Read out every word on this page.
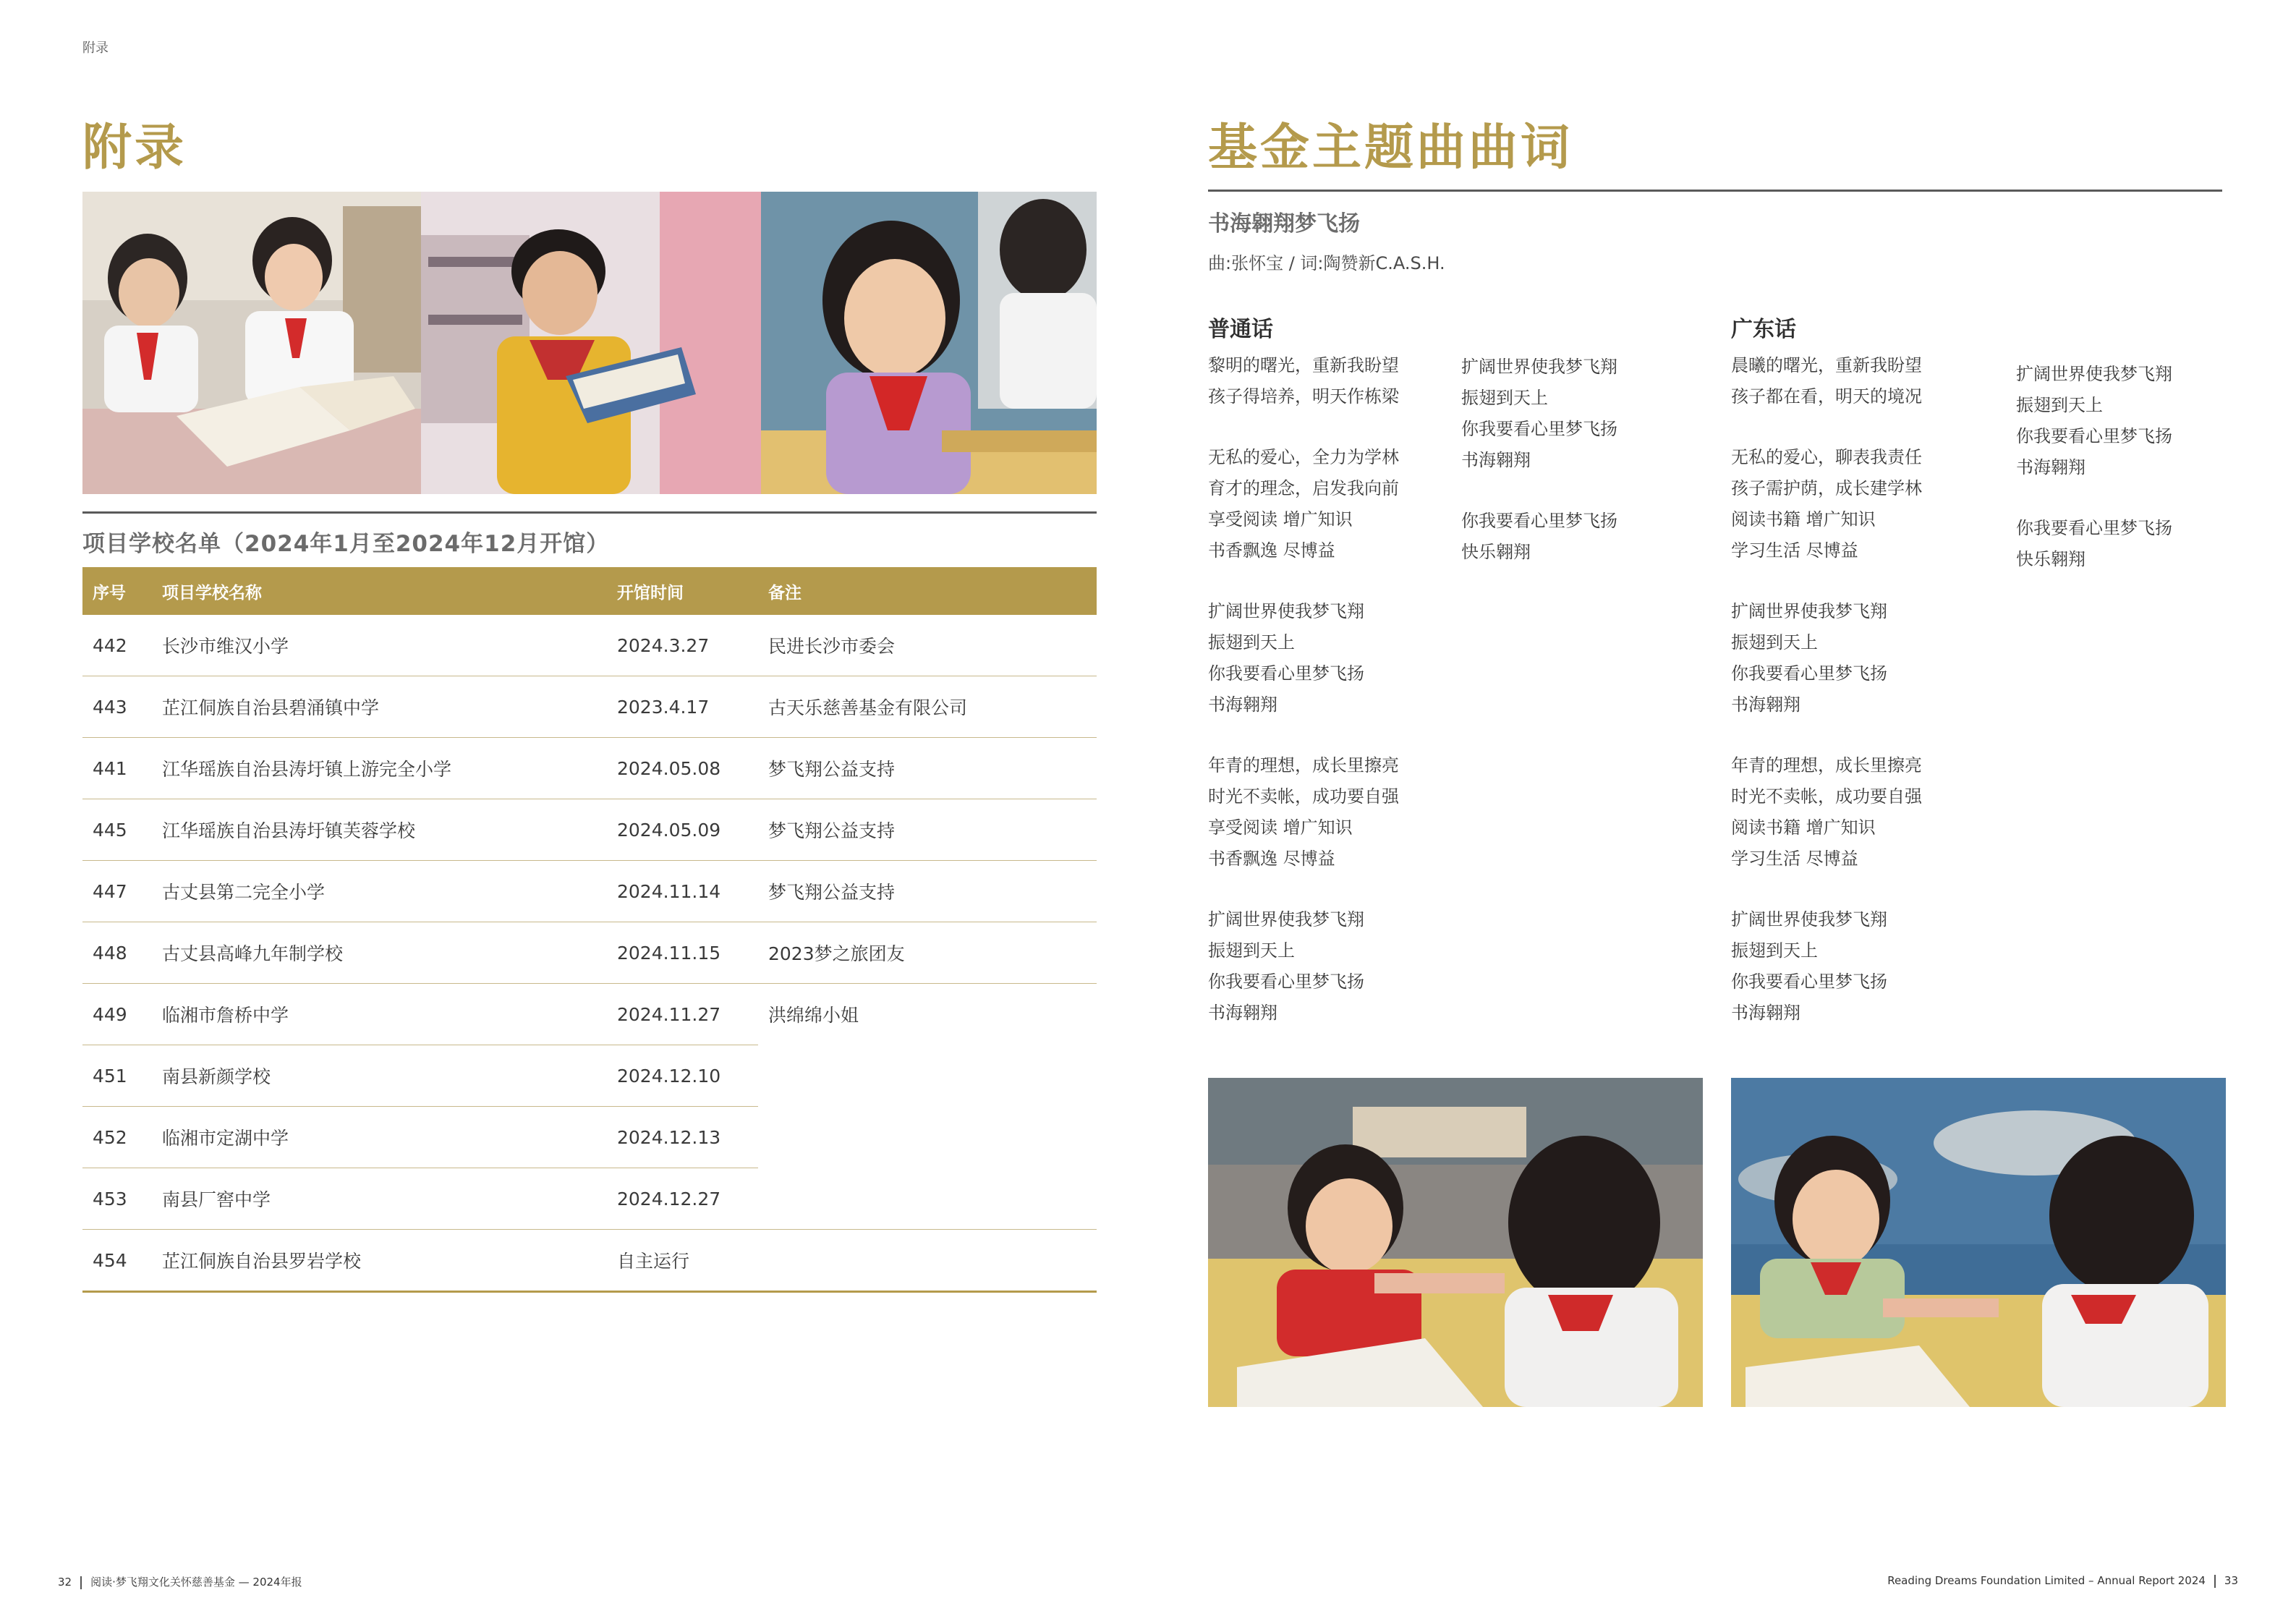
附录
附录
项目学校名单（2024年1月至2024年12月开馆）
序号	项目学校名称	开馆时间	备注
442	长沙市维汉小学	2024.3.27	民进长沙市委会
443	芷江侗族自治县碧涌镇中学	2023.4.17	古天乐慈善基金有限公司
441	江华瑶族自治县涛圩镇上游完全小学	2024.05.08	梦飞翔公益支持
445	江华瑶族自治县涛圩镇芙蓉学校	2024.05.09	梦飞翔公益支持
447	古丈县第二完全小学	2024.11.14	梦飞翔公益支持
448	古丈县高峰九年制学校	2024.11.15	2023梦之旅团友
449	临湘市詹桥中学	2024.11.27	洪绵绵小姐
451	南县新颜学校	2024.12.10	
452	临湘市定湖中学	2024.12.13	
453	南县厂窖中学	2024.12.27	
454	芷江侗族自治县罗岩学校	自主运行	
基金主题曲曲词
书海翱翔梦飞扬
曲:张怀宝 / 词:陶赞新C.A.S.H.
普通话
黎明的曙光，重新我盼望
孩子得培养，明天作栋梁
无私的爱心，全力为学林
育才的理念，启发我向前
享受阅读 增广知识
书香飘逸 尽博益
扩阔世界使我梦飞翔
振翅到天上
你我要看心里梦飞扬
书海翱翔
年青的理想，成长里擦亮
时光不卖帐，成功要自强
享受阅读 增广知识
书香飘逸 尽博益
扩阔世界使我梦飞翔
振翅到天上
你我要看心里梦飞扬
书海翱翔
扩阔世界使我梦飞翔
振翅到天上
你我要看心里梦飞扬
书海翱翔
你我要看心里梦飞扬
快乐翱翔
广东话
晨曦的曙光，重新我盼望
孩子都在看，明天的境况
无私的爱心，聊表我责任
孩子需护荫，成长建学林
阅读书籍 增广知识
学习生活 尽博益
扩阔世界使我梦飞翔
振翅到天上
你我要看心里梦飞扬
书海翱翔
年青的理想，成长里擦亮
时光不卖帐，成功要自强
阅读书籍 增广知识
学习生活 尽博益
扩阔世界使我梦飞翔
振翅到天上
你我要看心里梦飞扬
书海翱翔
扩阔世界使我梦飞翔
振翅到天上
你我要看心里梦飞扬
书海翱翔
你我要看心里梦飞扬
快乐翱翔
32 阅读·梦飞翔文化关怀慈善基金 — 2024年报	Reading Dreams Foundation Limited – Annual Report 2024 33
